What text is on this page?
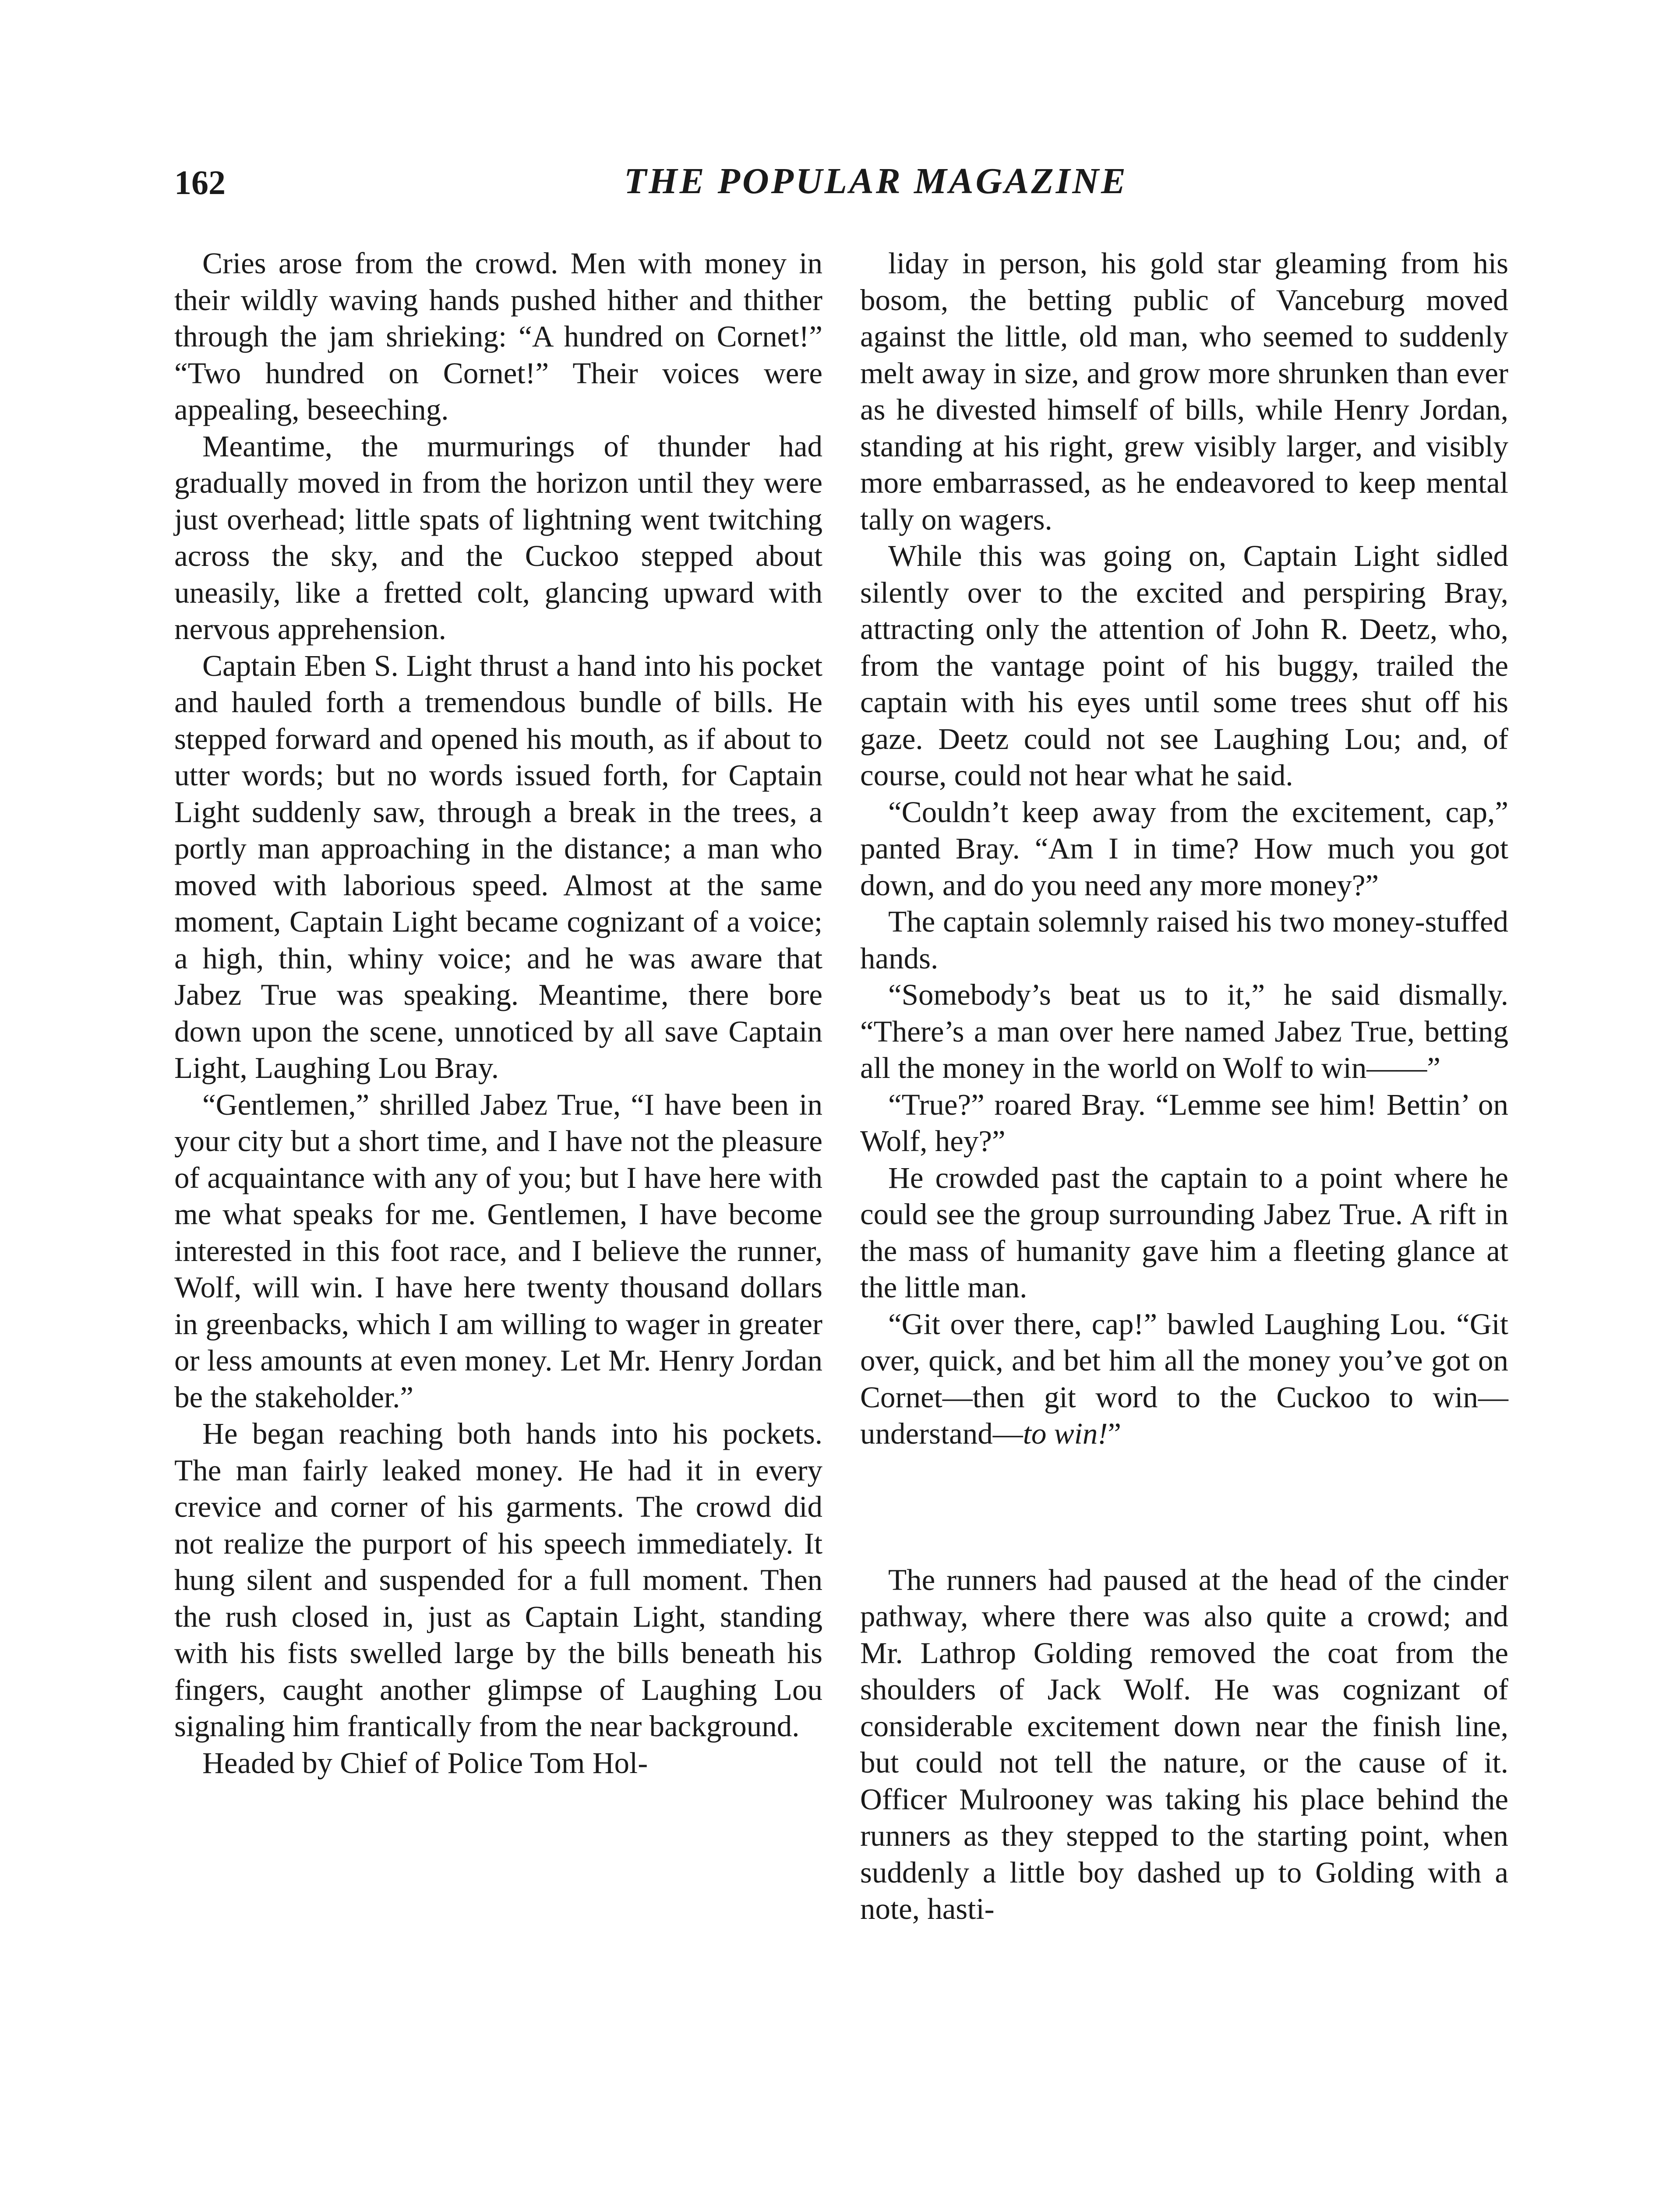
162	THE POPULAR MAGAZINE

Cries arose from the crowd. Men with money in their wildly waving hands pushed hither and thither through the jam shrieking: “A hundred on Cornet!” “Two hundred on Cornet!” Their voices were appealing, beseeching.

Meantime, the murmurings of thunder had gradually moved in from the horizon until they were just overhead; little spats of lightning went twitching across the sky, and the Cuckoo stepped about uneasily, like a fretted colt, glancing upward with nervous apprehension.

Captain Eben S. Light thrust a hand into his pocket and hauled forth a tremendous bundle of bills. He stepped forward and opened his mouth, as if about to utter words; but no words issued forth, for Captain Light suddenly saw, through a break in the trees, a portly man approaching in the distance; a man who moved with laborious speed. Almost at the same moment, Captain Light became cognizant of a voice; a high, thin, whiny voice; and he was aware that Jabez True was speaking. Meantime, there bore down upon the scene, unnoticed by all save Captain Light, Laughing Lou Bray.

“Gentlemen,” shrilled Jabez True, “I have been in your city but a short time, and I have not the pleasure of acquaintance with any of you; but I have here with me what speaks for me. Gentlemen, I have become interested in this foot race, and I believe the runner, Wolf, will win. I have here twenty thousand dollars in greenbacks, which I am willing to wager in greater or less amounts at even money. Let Mr. Henry Jordan be the stakeholder.”

He began reaching both hands into his pockets. The man fairly leaked money. He had it in every crevice and corner of his garments. The crowd did not realize the purport of his speech immediately. It hung silent and suspended for a full moment. Then the rush closed in, just as Captain Light, standing with his fists swelled large by the bills beneath his fingers, caught another glimpse of Laughing Lou signaling him frantically from the near background.

Headed by Chief of Police Tom Hol-

liday in person, his gold star gleaming from his bosom, the betting public of Vanceburg moved against the little, old man, who seemed to suddenly melt away in size, and grow more shrunken than ever as he divested himself of bills, while Henry Jordan, standing at his right, grew visibly larger, and visibly more embarrassed, as he endeavored to keep mental tally on wagers.

While this was going on, Captain Light sidled silently over to the excited and perspiring Bray, attracting only the attention of John R. Deetz, who, from the vantage point of his buggy, trailed the captain with his eyes until some trees shut off his gaze. Deetz could not see Laughing Lou; and, of course, could not hear what he said.

“Couldn’t keep away from the excitement, cap,” panted Bray. “Am I in time? How much you got down, and do you need any more money?”

The captain solemnly raised his two money-stuffed hands.

“Somebody’s beat us to it,” he said dismally. “There’s a man over here named Jabez True, betting all the money in the world on Wolf to win——”

“True?” roared Bray. “Lemme see him! Bettin’ on Wolf, hey?”

He crowded past the captain to a point where he could see the group surrounding Jabez True. A rift in the mass of humanity gave him a fleeting glance at the little man.

“Git over there, cap!” bawled Laughing Lou. “Git over, quick, and bet him all the money you’ve got on Cornet—then git word to the Cuckoo to win—understand—to win!”

The runners had paused at the head of the cinder pathway, where there was also quite a crowd; and Mr. Lathrop Golding removed the coat from the shoulders of Jack Wolf. He was cognizant of considerable excitement down near the finish line, but could not tell the nature, or the cause of it. Officer Mulrooney was taking his place behind the runners as they stepped to the starting point, when suddenly a little boy dashed up to Golding with a note, hasti-
